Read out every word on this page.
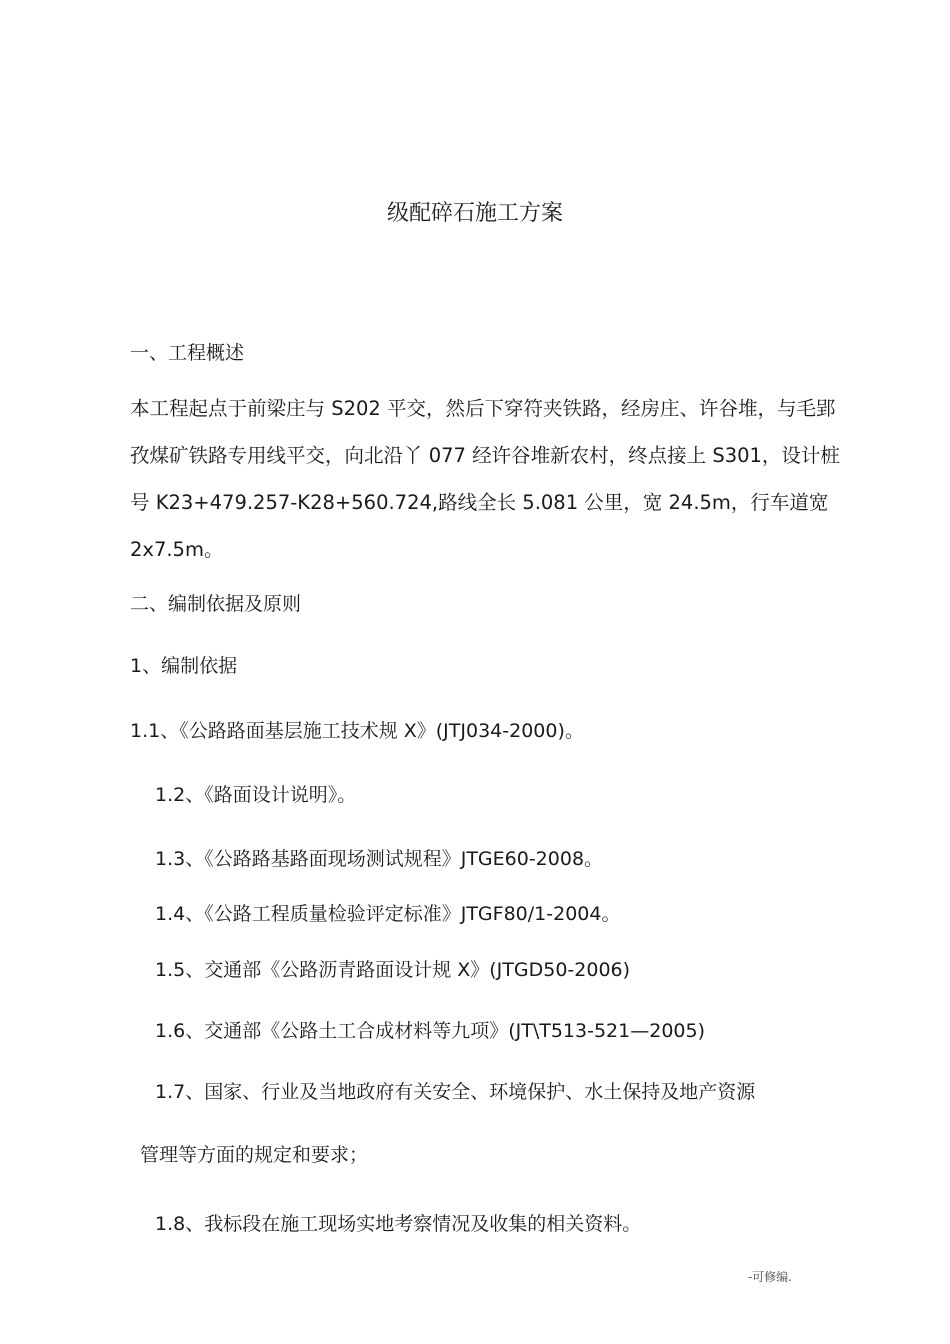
级配碎石施工方案
一、工程概述
本工程起点于前梁庄与 S202 平交，然后下穿符夹铁路，经房庄、许谷堆，与毛郢
孜煤矿铁路专用线平交，向北沿丫 077 经许谷堆新农村，终点接上 S301，设计桩
号 K23+479.257-K28+560.724,路线全长 5.081 公里，宽 24.5m，行车道宽
2x7.5m。
二、编制依据及原则
1、编制依据
1.1、《公路路面基层施工技术规 X》(JTJ034-2000)。
1.2、《路面设计说明》。
1.3、《公路路基路面现场测试规程》JTGE60-2008。
1.4、《公路工程质量检验评定标准》JTGF80/1-2004。
1.5、交通部《公路沥青路面设计规 X》(JTGD50-2006)
1.6、交通部《公路土工合成材料等九项》(JT\T513-521—2005)
1.7、国家、行业及当地政府有关安全、环境保护、水土保持及地产资源
管理等方面的规定和要求；
1.8、我标段在施工现场实地考察情况及收集的相关资料。
-可修编.
